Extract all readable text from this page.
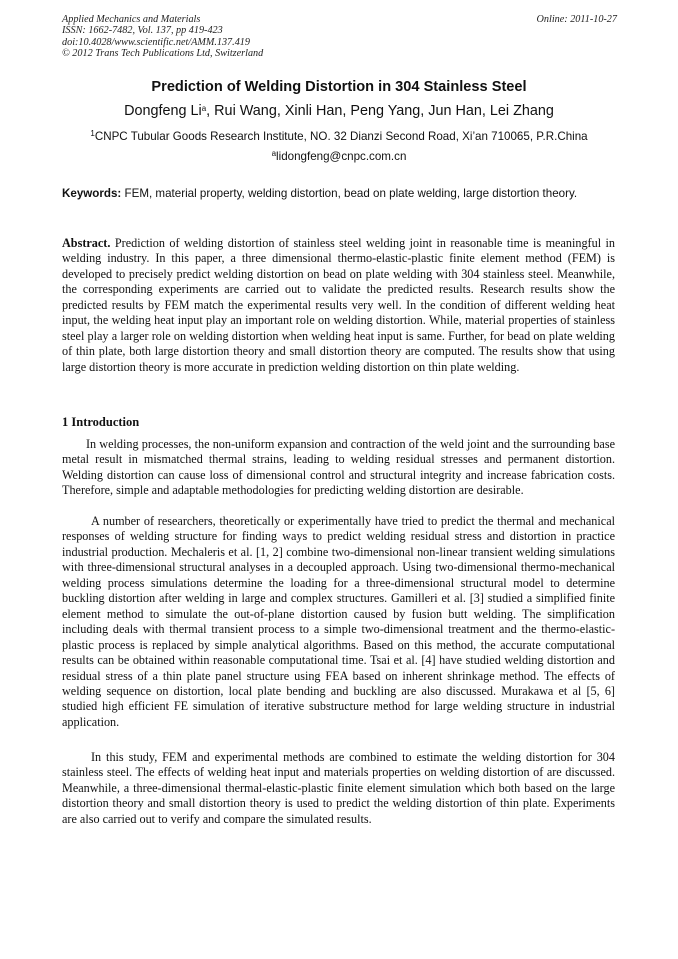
Applied Mechanics and Materials
ISSN: 1662-7482, Vol. 137, pp 419-423
doi:10.4028/www.scientific.net/AMM.137.419
© 2012 Trans Tech Publications Ltd, Switzerland
Online: 2011-10-27
Prediction of Welding Distortion in 304 Stainless Steel
Dongfeng Li$^a$, Rui Wang, Xinli Han, Peng Yang, Jun Han, Lei Zhang
$^1$CNPC Tubular Goods Research Institute, NO. 32 Dianzi Second Road, Xi’an 710065, P.R.China
$^a$lidongfeng@cnpc.com.cn
Keywords: FEM, material property, welding distortion, bead on plate welding, large distortion theory.
Abstract. Prediction of welding distortion of stainless steel welding joint in reasonable time is meaningful in welding industry. In this paper, a three dimensional thermo-elastic-plastic finite element method (FEM) is developed to precisely predict welding distortion on bead on plate welding with 304 stainless steel. Meanwhile, the corresponding experiments are carried out to validate the predicted results. Research results show the predicted results by FEM match the experimental results very well. In the condition of different welding heat input, the welding heat input play an important role on welding distortion. While, material properties of stainless steel play a larger role on welding distortion when welding heat input is same. Further, for bead on plate welding of thin plate, both large distortion theory and small distortion theory are computed. The results show that using large distortion theory is more accurate in prediction welding distortion on thin plate welding.
1 Introduction
In welding processes, the non-uniform expansion and contraction of the weld joint and the surrounding base metal result in mismatched thermal strains, leading to welding residual stresses and permanent distortion. Welding distortion can cause loss of dimensional control and structural integrity and increase fabrication costs. Therefore, simple and adaptable methodologies for predicting welding distortion are desirable.
A number of researchers, theoretically or experimentally have tried to predict the thermal and mechanical responses of welding structure for finding ways to predict welding residual stress and distortion in practice industrial production. Mechaleris et al. [1, 2] combine two-dimensional non-linear transient welding simulations with three-dimensional structural analyses in a decoupled approach. Using two-dimensional thermo-mechanical welding process simulations determine the loading for a three-dimensional structural model to determine buckling distortion after welding in large and complex structures. Gamilleri et al. [3] studied a simplified finite element method to simulate the out-of-plane distortion caused by fusion butt welding. The simplification including deals with thermal transient process to a simple two-dimensional treatment and the thermo-elastic-plastic process is replaced by simple analytical algorithms. Based on this method, the accurate computational results can be obtained within reasonable computational time. Tsai et al. [4] have studied welding distortion and residual stress of a thin plate panel structure using FEA based on inherent shrinkage method. The effects of welding sequence on distortion, local plate bending and buckling are also discussed. Murakawa et al [5, 6] studied high efficient FE simulation of iterative substructure method for large welding structure in industrial application.
In this study, FEM and experimental methods are combined to estimate the welding distortion for 304 stainless steel. The effects of welding heat input and materials properties on welding distortion of are discussed. Meanwhile, a three-dimensional thermal-elastic-plastic finite element simulation which both based on the large distortion theory and small distortion theory is used to predict the welding distortion of thin plate. Experiments are also carried out to verify and compare the simulated results.
